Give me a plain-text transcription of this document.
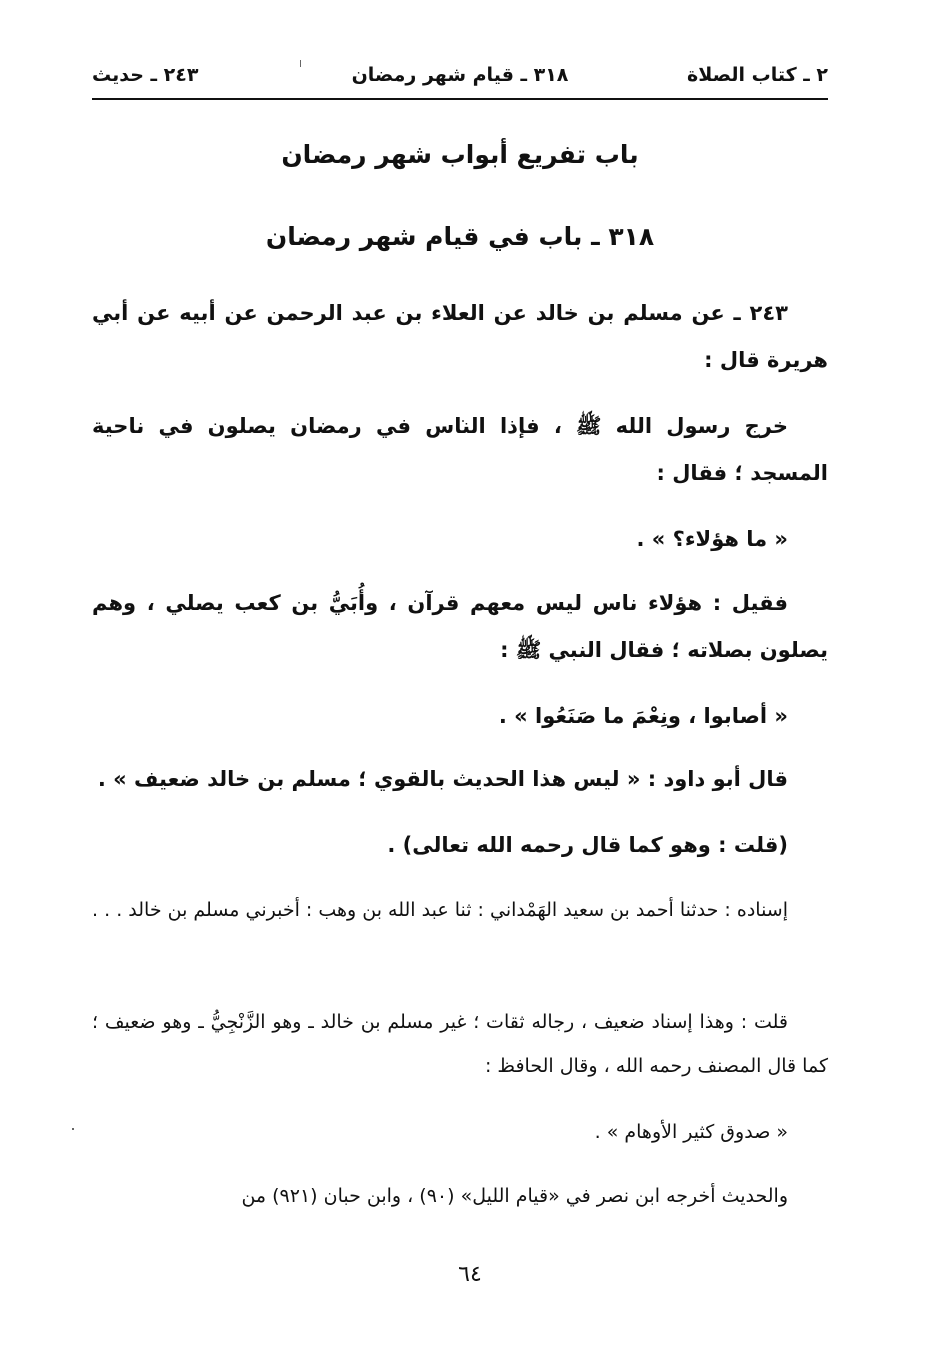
٢ ـ كتاب الصلاة
٣١٨ ـ قيام شهر رمضان
٢٤٣ ـ حديث
باب تفريع أبواب شهر رمضان
٣١٨ ـ باب في قيام شهر رمضان

٢٤٣ ـ عن مسلم بن خالد عن العلاء بن عبد الرحمن عن أبيه عن أبي هريرة قال :

خرج رسول الله ﷺ ، فإذا الناس في رمضان يصلون في ناحية المسجد ؛ فقال :

« ما هؤلاء؟ » .

فقيل : هؤلاء ناس ليس معهم قرآن ، وأُبَيُّ بن كعب يصلي ، وهم يصلون بصلاته ؛ فقال النبي ﷺ :

« أصابوا ، ونِعْمَ ما صَنَعُوا » .

قال أبو داود : « ليس هذا الحديث بالقوي ؛ مسلم بن خالد ضعيف » .

(قلت : وهو كما قال رحمه الله تعالى) .

إسناده : حدثنا أحمد بن سعيد الهَمْداني : ثنا عبد الله بن وهب : أخبرني مسلم بن خالد . . .

قلت : وهذا إسناد ضعيف ، رجاله ثقات ؛ غير مسلم بن خالد ـ وهو الزَّنْجِيُّ ـ وهو ضعيف ؛ كما قال المصنف رحمه الله ، وقال الحافظ :

« صدوق كثير الأوهام » .

والحديث أخرجه ابن نصر في «قيام الليل» (٩٠) ، وابن حبان (٩٢١) من

٦٤
